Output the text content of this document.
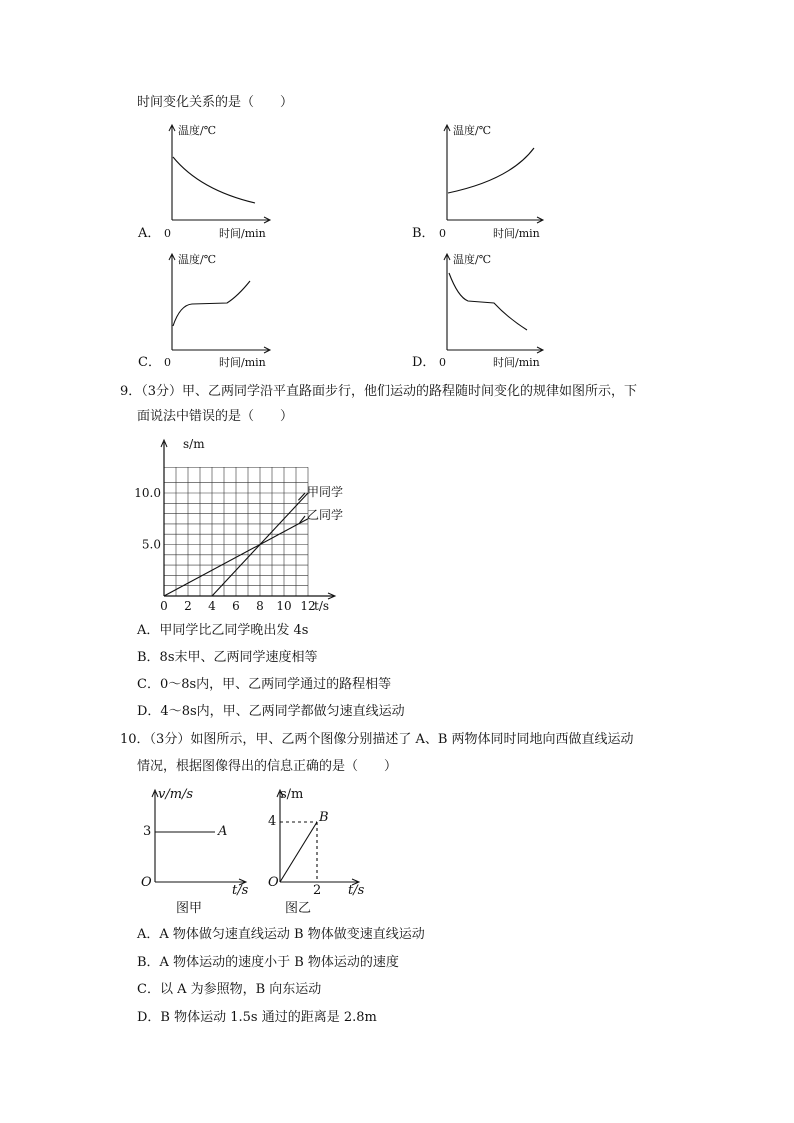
时间变化关系的是（　　）
温度/℃	温度/℃
温度/℃	温度/℃
时间/min	时间/min
时间/min	时间/min
0	0
0	0
A．	B．
C．	D．
9．（3分）甲、乙两同学沿平直路面步行，他们运动的路程随时间变化的规律如图所示，下
面说法中错误的是（　　）
0 2 4 6 8 10 12
5.0
10.0
s/m
t/s
甲同学
乙同学
A．甲同学比乙同学晚出发 4s
B．8s末甲、乙两同学速度相等
C．0～8s内，甲、乙两同学通过的路程相等
D．4～8s内，甲、乙两同学都做匀速直线运动
10．（3分）如图所示，甲、乙两个图像分别描述了 A、B 两物体同时同地向西做直线运动
情况，根据图像得出的信息正确的是（　　）
v/m/s
3	A
O
t/s
图甲
s/m
4	B
O
2 t/s
图乙
A．A 物体做匀速直线运动 B 物体做变速直线运动
B．A 物体运动的速度小于 B 物体运动的速度
C．以 A 为参照物，B 向东运动
D．B 物体运动 1.5s 通过的距离是 2.8m
